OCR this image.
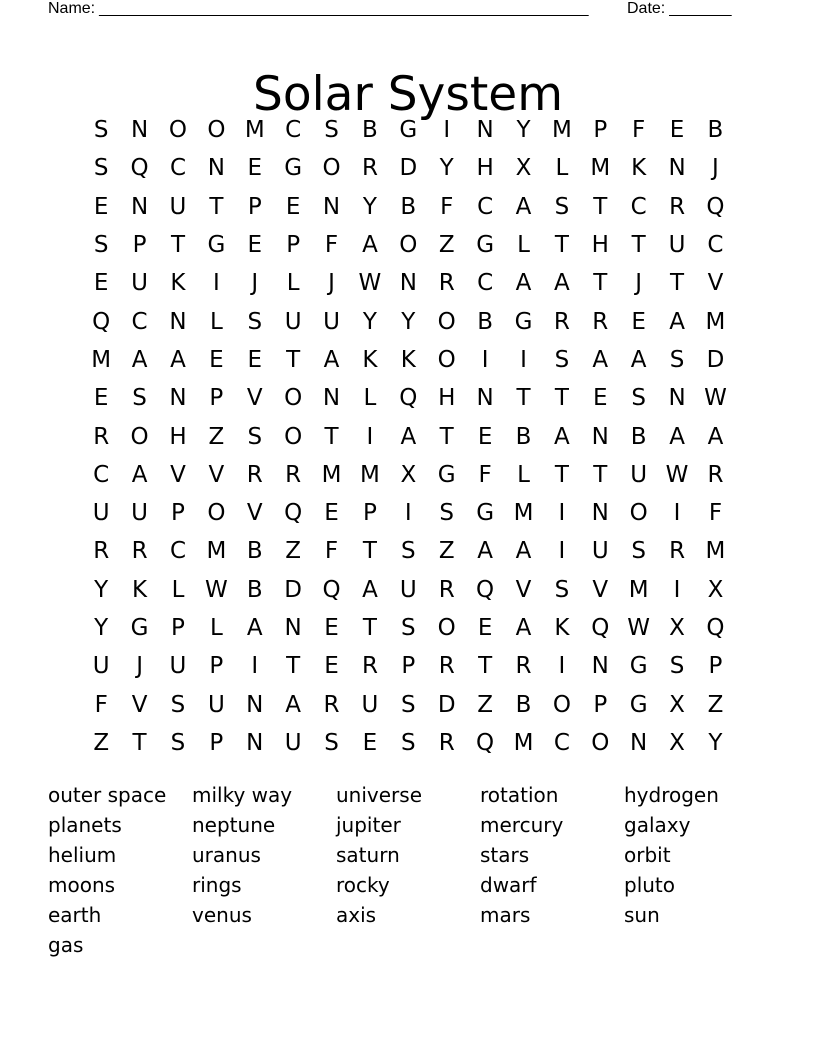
Name: _______________________________________________________ Date: _______
Solar System
S N O O M C	S	B G	I	N Y M P	F	E	B
S Q C N E G O R D Y H X	L M K N	J
E N U T	P	E N Y	B	F	C A	S	T	C R Q
S	P	T G E	P	F	A O Z G	L	T H T U C
E U K	I	J	L	J	W N R C A A	T	J	T	V
Q C N	L	S U U Y	Y O B G R R	E	A M
M A A	E	E	T	A K	K O	I	I	S	A A	S D
E	S N P	V O N	L Q H N T	T	E	S N W
R O H Z	S O T	I	A	T	E	B A N B A A
C A V V R R M M X G F	L	T	T U W R
U U	P O V Q E	P	I	S G M	I	N O	I	F
R R C M B Z	F	T	S	Z A A	I	U S	R M
Y	K	L W B D Q A U R Q V	S	V M	I	X
Y G P	L	A N E	T	S O E	A K Q W X Q
U	J	U	P	I	T	E	R	P	R	T	R	I	N G S	P
F	V	S U N A R U S D Z B O P G X Z
Z	T	S	P N U S	E	S	R Q M C O N X	Y
outer space	milky way	universe	rotation	hydrogen
planets	neptune	jupiter	mercury	galaxy
helium	uranus	saturn	stars	orbit
moons	rings	rocky	dwarf	pluto
earth	venus	axis	mars	sun
gas
